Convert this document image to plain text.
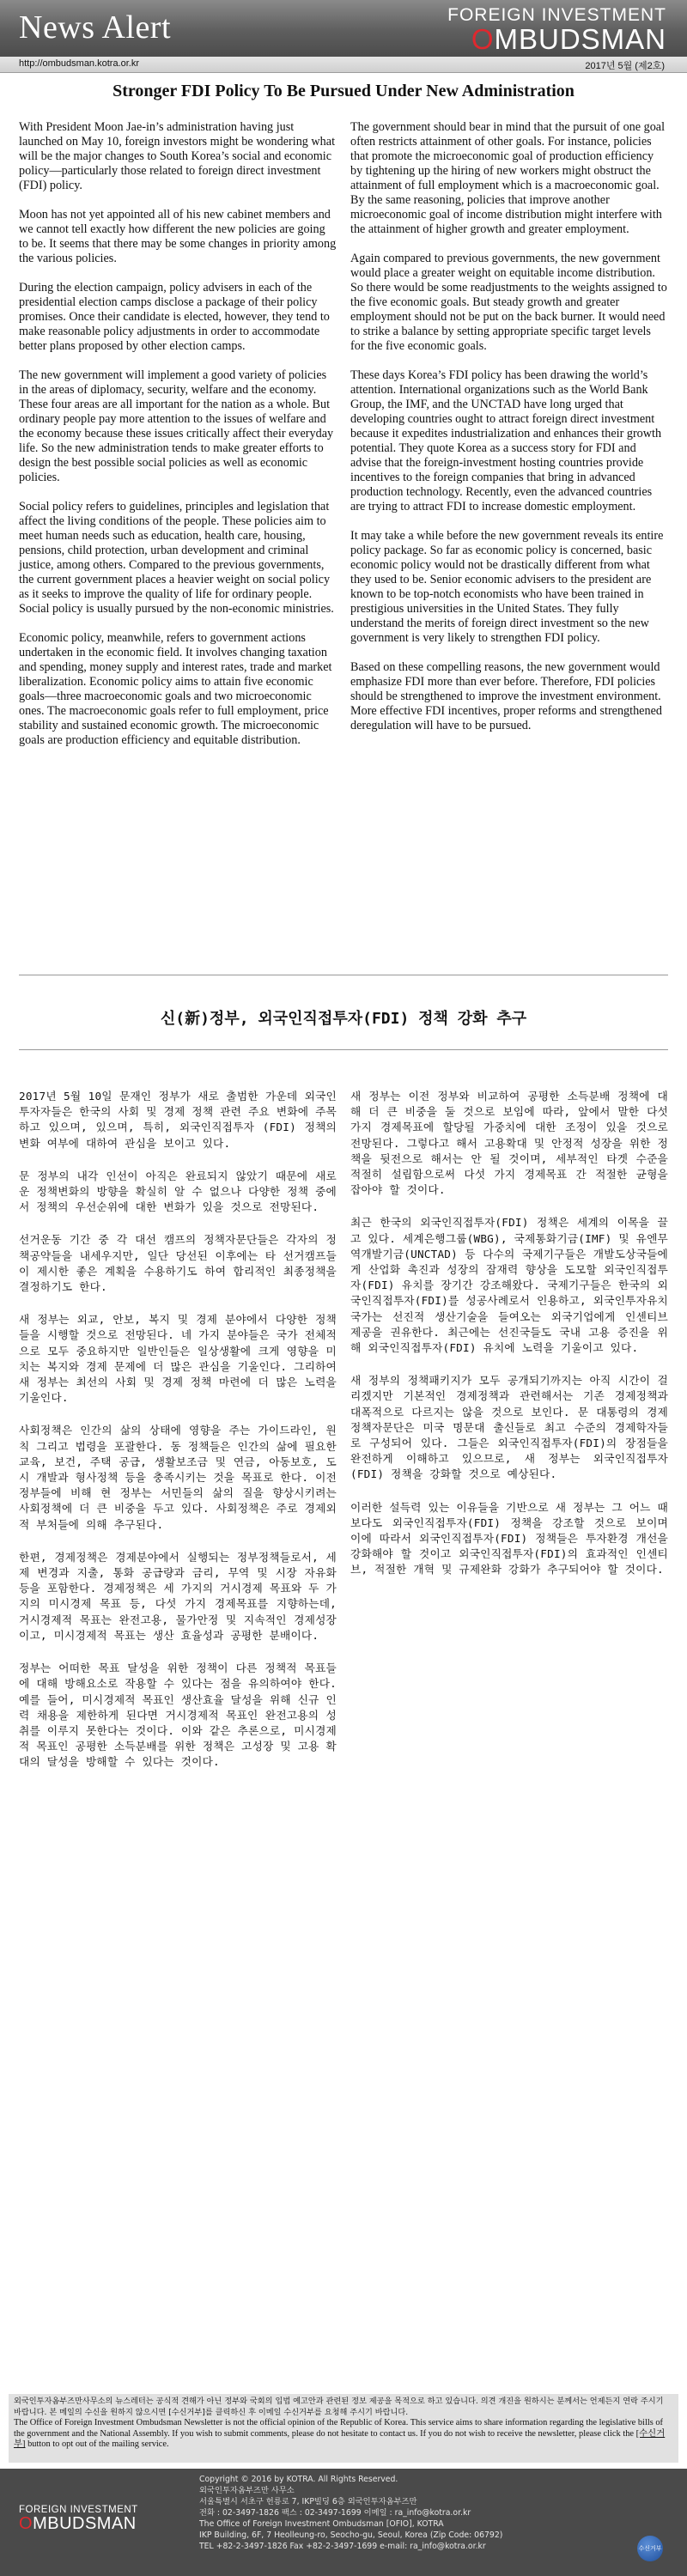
News Alert	FOREIGN INVESTMENT
OMBUDSMAN
http://ombudsman.kotra.or.kr	2017년 5월 (제2호)
Stronger FDI Policy To Be Pursued Under New Administration

With President Moon Jae-in’s administration having just launched on May 10, foreign investors might be wondering what will be the major changes to South Korea’s social and economic policy—particularly those related to foreign direct investment (FDI) policy.

Moon has not yet appointed all of his new cabinet members and we cannot tell exactly how different the new policies are going to be. It seems that there may be some changes in priority among the various policies.

During the election campaign, policy advisers in each of the presidential election camps disclose a package of their policy promises. Once their candidate is elected, however, they tend to make reasonable policy adjustments in order to accommodate better plans proposed by other election camps.

The new government will implement a good variety of policies in the areas of diplomacy, security, welfare and the economy. These four areas are all important for the nation as a whole. But ordinary people pay more attention to the issues of welfare and the economy because these issues critically affect their everyday life. So the new administration tends to make greater efforts to design the best possible social policies as well as economic policies.

Social policy refers to guidelines, principles and legislation that affect the living conditions of the people. These policies aim to meet human needs such as education, health care, housing, pensions, child protection, urban development and criminal justice, among others. Compared to the previous governments, the current government places a heavier weight on social policy as it seeks to improve the quality of life for ordinary people. Social policy is usually pursued by the non-economic ministries.

Economic policy, meanwhile, refers to government actions undertaken in the economic field. It involves changing taxation and spending, money supply and interest rates, trade and market liberalization. Economic policy aims to attain five economic goals—three macroeconomic goals and two microeconomic ones. The macroeconomic goals refer to full employment, price stability and sustained economic growth. The microeconomic goals are production efficiency and equitable distribution.

The government should bear in mind that the pursuit of one goal often restricts attainment of other goals. For instance, policies that promote the microeconomic goal of production efficiency by tightening up the hiring of new workers might obstruct the attainment of full employment which is a macroeconomic goal.
By the same reasoning, policies that improve another microeconomic goal of income distribution might interfere with the attainment of higher growth and greater employment.

Again compared to previous governments, the new government would place a greater weight on equitable income distribution. So there would be some readjustments to the weights assigned to the five economic goals. But steady growth and greater employment should not be put on the back burner. It would need to strike a balance by setting appropriate specific target levels for the five economic goals.

These days Korea’s FDI policy has been drawing the world’s attention. International organizations such as the World Bank Group, the IMF, and the UNCTAD have long urged that developing countries ought to attract foreign direct investment because it expedites industrialization and enhances their growth potential. They quote Korea as a success story for FDI and advise that the foreign-investment hosting countries provide incentives to the foreign companies that bring in advanced production technology. Recently, even the advanced countries are trying to attract FDI to increase domestic employment.

It may take a while before the new government reveals its entire policy package. So far as economic policy is concerned, basic economic policy would not be drastically different from what they used to be. Senior economic advisers to the president are known to be top-notch economists who have been trained in prestigious universities in the United States. They fully understand the merits of foreign direct investment so the new government is very likely to strengthen FDI policy.

Based on these compelling reasons, the new government would emphasize FDI more than ever before. Therefore, FDI policies should be strengthened to improve the investment environment. More effective FDI incentives, proper reforms and strengthened deregulation will have to be pursued.

신(新)정부, 외국인직접투자(FDI) 정책 강화 추구

2017년 5월 10일 문재인 정부가 새로 출범한 가운데 외국인 투자자들은 한국의 사회 및 경제 정책 관련 주요 변화에 주목하고 있으며, 있으며, 특히, 외국인직접투자 (FDI) 정책의 변화 여부에 대하여 관심을 보이고 있다.

문 정부의 내각 인선이 아직은 완료되지 않았기 때문에 새로운 정책변화의 방향을 확실히 알 수 없으나 다양한 정책 중에서 정책의 우선순위에 대한 변화가 있을 것으로 전망된다.

선거운동 기간 중 각 대선 캠프의 정책자문단들은 각자의 정책공약들을 내세우지만, 일단 당선된 이후에는 타 선거캠프들이 제시한 좋은 계획을 수용하기도 하여 합리적인 최종정책을 결정하기도 한다.

새 정부는 외교, 안보, 복지 및 경제 분야에서 다양한 정책들을 시행할 것으로 전망된다. 네 가지 분야들은 국가 전체적으로 모두 중요하지만 일반인들은 일상생활에 크게 영향을 미치는 복지와 경제 문제에 더 많은 관심을 기울인다. 그리하여 새 정부는 최선의 사회 및 경제 정책 마련에 더 많은 노력을 기울인다.

사회정책은 인간의 삶의 상태에 영향을 주는 가이드라인, 원칙 그리고 법령을 포괄한다. 동 정책들은 인간의 삶에 필요한 교육, 보건, 주택 공급, 생활보조금 및 연금, 아동보호, 도시 개발과 형사정책 등을 충족시키는 것을 목표로 한다. 이전 정부들에 비해 현 정부는 서민들의 삶의 질을 향상시키려는 사회정책에 더 큰 비중을 두고 있다. 사회정책은 주로 경제외적 부처들에 의해 추구된다.

한편, 경제정책은 경제분야에서 실행되는 정부정책들로서, 세제 변경과 지출, 통화 공급량과 금리, 무역 및 시장 자유화 등을 포함한다. 경제정책은 세 가지의 거시경제 목표와 두 가지의 미시경제 목표 등, 다섯 가지 경제목표를 지향하는데, 거시경제적 목표는 완전고용, 물가안정 및 지속적인 경제성장이고, 미시경제적 목표는 생산 효율성과 공평한 분배이다.

정부는 어떠한 목표 달성을 위한 정책이 다른 정책적 목표들에 대해 방해요소로 작용할 수 있다는 점을 유의하여야 한다. 예를 들어, 미시경제적 목표인 생산효율 달성을 위해 신규 인력 채용을 제한하게 된다면 거시경제적 목표인 완전고용의 성취를 이루지 못한다는 것이다. 이와 같은 추론으로, 미시경제적 목표인 공평한 소득분배를 위한 정책은 고성장 및 고용 확대의 달성을 방해할 수 있다는 것이다.

새 정부는 이전 정부와 비교하여 공평한 소득분배 정책에 대해 더 큰 비중을 둘 것으로 보임에 따라, 앞에서 말한 다섯 가지 경제목표에 할당될 가중치에 대한 조정이 있을 것으로 전망된다. 그렇다고 해서 고용확대 및 안정적 성장을 위한 정책을 뒷전으로 해서는 안 될 것이며, 세부적인 타겟 수준을 적절히 설립함으로써 다섯 가지 경제목표 간 적절한 균형을 잡아야 할 것이다.

최근 한국의 외국인직접투자(FDI) 정책은 세계의 이목을 끌고 있다. 세계은행그룹(WBG), 국제통화기금(IMF) 및 유엔무역개발기금(UNCTAD) 등 다수의 국제기구들은 개발도상국들에게 산업화 촉진과 성장의 잠재력 향상을 도모할 외국인직접투자(FDI) 유치를 장기간 강조해왔다. 국제기구들은 한국의 외국인직접투자(FDI)를 성공사례로서 인용하고, 외국인투자유치 국가는 선진적 생산기술을 들여오는 외국기업에게 인센티브 제공을 권유한다. 최근에는 선진국들도 국내 고용 증진을 위해 외국인직접투자(FDI) 유치에 노력을 기울이고 있다.

새 정부의 정책패키지가 모두 공개되기까지는 아직 시간이 걸리겠지만 기본적인 경제정책과 관련해서는 기존 경제정책과 대폭적으로 다르지는 않을 것으로 보인다. 문 대통령의 경제정책자문단은 미국 명문대 출신들로 최고 수준의 경제학자들로 구성되어 있다. 그들은 외국인직접투자(FDI)의 장점들을 완전하게 이해하고 있으므로, 새 정부는 외국인직접투자(FDI) 정책을 강화할 것으로 예상된다.

이러한 설득력 있는 이유들을 기반으로 새 정부는 그 어느 때보다도 외국인직접투자(FDI) 정책을 강조할 것으로 보이며 이에 따라서 외국인직접투자(FDI) 정책들은 투자환경 개선을 강화해야 할 것이고 외국인직접투자(FDI)의 효과적인 인센티브, 적절한 개혁 및 규제완화 강화가 추구되어야 할 것이다.

외국인투자옴부즈만사무소의 뉴스레터는 공식적 견해가 아닌 정부와 국회의 입법 예고안과 관련된 정보 제공을 목적으로 하고 있습니다. 의견 개진을 원하시는 분께서는 언제든지 연락 주시기 바랍니다. 본 메일의 수신을 원하지 않으시면 [수신거부]를 클릭하신 후 이메일 수신거부를 요청해 주시기 바랍니다.

The Office of Foreign Investment Ombudsman Newsletter is not the official opinion of the Republic of Korea. This service aims to share information regarding the legislative bills of the government and the National Assembly. If you wish to submit comments, please do not hesitate to contact us. If you do not wish to receive the newsletter, please click the [수신거부] button to opt out of the mailing service.

FOREIGN INVESTMENT
OMBUDSMAN
Copyright © 2016 by KOTRA. All Rights Reserved.
외국인투자옴부즈만 사무소
서울특별시 서초구 헌릉로 7, IKP빌딩 6층 외국인투자옴부즈만
전화 : 02-3497-1826 팩스 : 02-3497-1699 이메일 : ra_info@kotra.or.kr
The Office of Foreign Investment Ombudsman [OFIO], KOTRA
IKP Building, 6F, 7 Heolleung-ro, Seocho-gu, Seoul, Korea (Zip Code: 06792)
TEL +82-2-3497-1826 Fax +82-2-3497-1699 e-mail: ra_info@kotra.or.kr	수신거부
